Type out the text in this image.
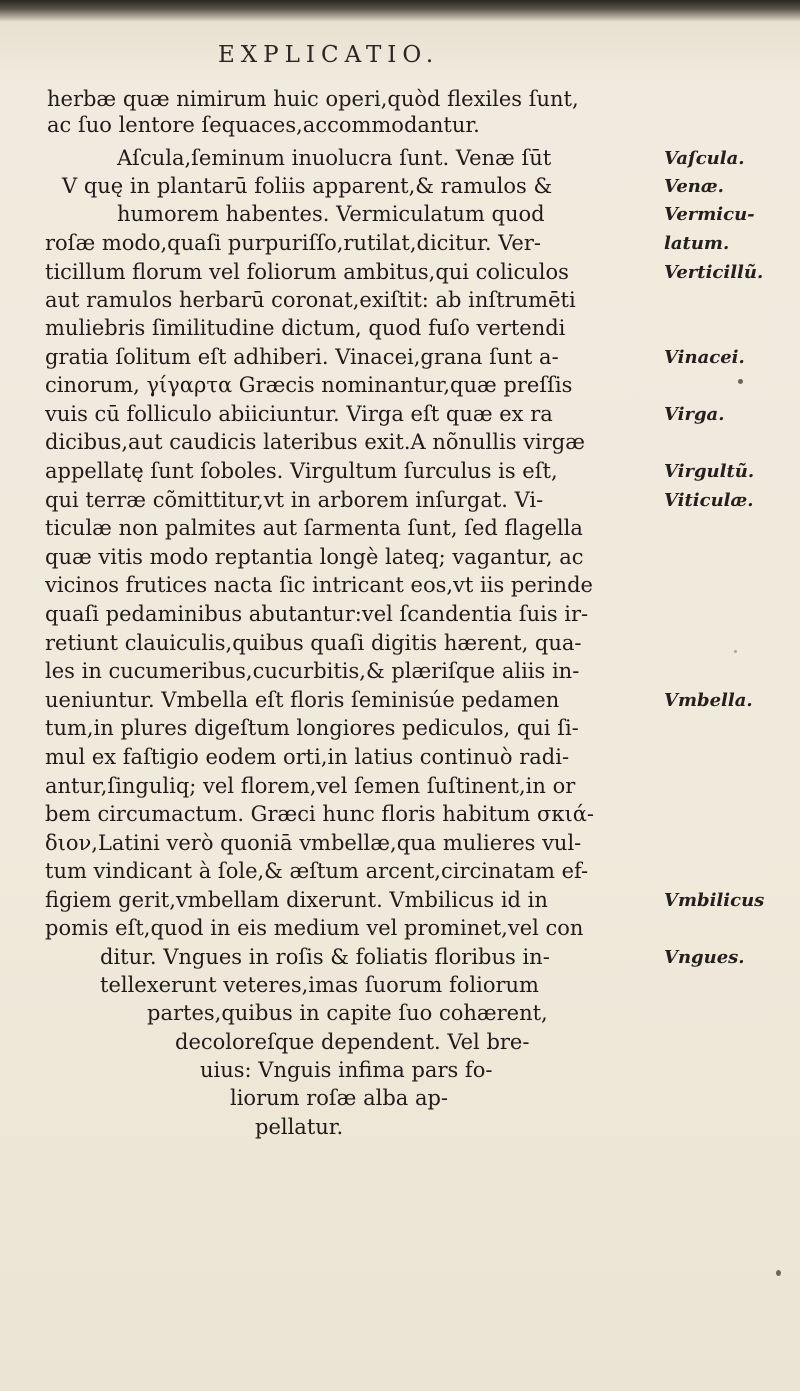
EXPLICATIO.
herbæ quæ nimirum huic operi,quòd flexiles ſunt,
ac ſuo lentore ſequaces,accommodantur.
Aſcula,ſeminum inuolucra ſunt. Venæ ſūt
V quę in plantarū foliis apparent,& ramulos &
humorem habentes. Vermiculatum quod
roſæ modo,quaſi purpuriſſo,rutilat,dicitur. Ver-
ticillum florum vel foliorum ambitus,qui coliculos
aut ramulos herbarū coronat,exiſtit: ab inſtrumēti
muliebris ſimilitudine dictum, quod fuſo vertendi
gratia ſolitum eſt adhiberi. Vinacei,grana ſunt a-
cinorum, γίγαρτα Græcis nominantur,quæ preſſis
vuis cū folliculo abiiciuntur. Virga eſt quæ ex ra
dicibus,aut caudicis lateribus exit.A nõnullis virgæ
appellatę ſunt ſoboles. Virgultum ſurculus is eſt,
qui terræ cõmittitur,vt in arborem inſurgat. Vi-
ticulæ non palmites aut ſarmenta ſunt, ſed flagella
quæ vitis modo reptantia longè lateq; vagantur, ac
vicinos frutices nacta ſic intricant eos,vt iis perinde
quaſi pedaminibus abutantur:vel ſcandentia ſuis ir-
retiunt clauiculis,quibus quaſi digitis hærent, qua-
les in cucumeribus,cucurbitis,& plæriſque aliis in-
ueniuntur. Vmbella eſt floris ſeminisúe pedamen
tum,in plures digeſtum longiores pediculos, qui ſi-
mul ex faſtigio eodem orti,in latius continuò radi-
antur,ſinguliq; vel florem,vel ſemen ſuſtinent,in or
bem circumactum. Græci hunc floris habitum σκιά-
διον,Latini verò quoniā vmbellæ,qua mulieres vul-
tum vindicant à ſole,& æſtum arcent,circinatam ef-
figiem gerit,vmbellam dixerunt. Vmbilicus id in
pomis eſt,quod in eis medium vel prominet,vel con
ditur. Vngues in roſis & foliatis floribus in-
tellexerunt veteres,imas ſuorum foliorum
partes,quibus in capite ſuo cohærent,
decoloreſque dependent. Vel bre-
uius: Vnguis infima pars fo-
liorum roſæ alba ap-
pellatur.
Vaſcula.
Venæ.
Vermicu-
latum.
Verticillũ.
Vinacei.
Virga.
Virgultũ.
Viticulæ.
Vmbella.
Vmbilicus
Vngues.
